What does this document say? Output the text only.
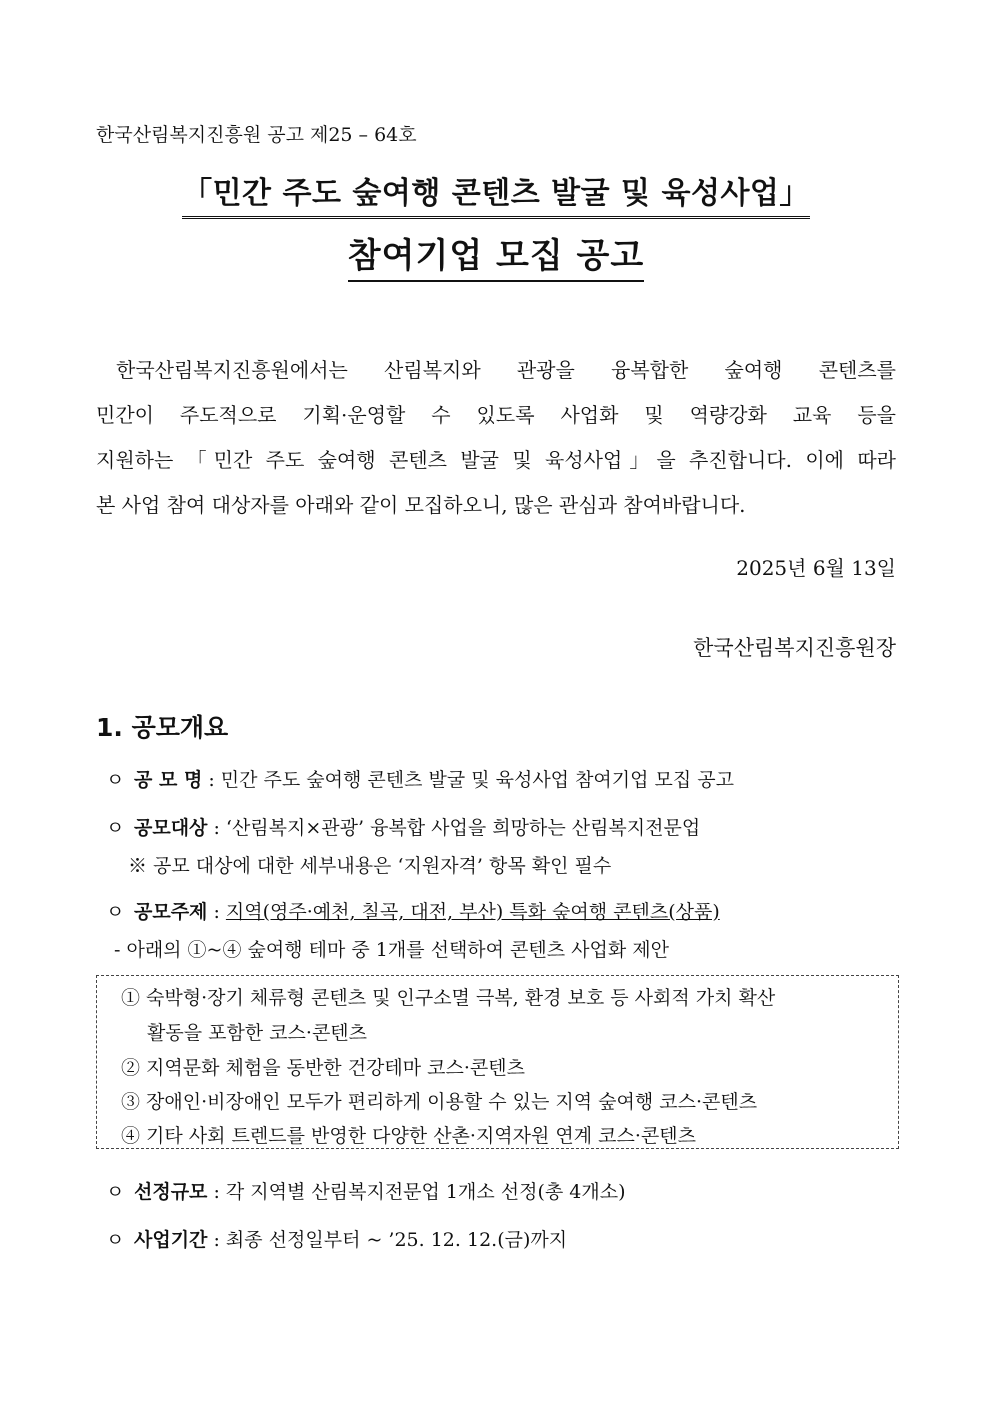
한국산림복지진흥원 공고 제25 – 64호
「민간 주도 숲여행 콘텐츠 발굴 및 육성사업」
참여기업 모집 공고
한국산림복지진흥원에서는 산림복지와 관광을 융복합한 숲여행 콘텐츠를
민간이 주도적으로 기획·운영할 수 있도록 사업화 및 역량강화 교육 등을
지원하는 「민간 주도 숲여행 콘텐츠 발굴 및 육성사업」을 추진합니다. 이에 따라
본 사업 참여 대상자를 아래와 같이 모집하오니, 많은 관심과 참여바랍니다.
2025년 6월 13일
한국산림복지진흥원장
1. 공모개요
ㅇ 공 모 명 : 민간 주도 숲여행 콘텐츠 발굴 및 육성사업 참여기업 모집 공고
ㅇ 공모대상 : ‘산림복지×관광’ 융복합 사업을 희망하는 산림복지전문업
※ 공모 대상에 대한 세부내용은 ‘지원자격’ 항목 확인 필수
ㅇ 공모주제 : 지역(영주·예천, 칠곡, 대전, 부산) 특화 숲여행 콘텐츠(상품)
- 아래의 ①~④ 숲여행 테마 중 1개를 선택하여 콘텐츠 사업화 제안
① 숙박형·장기 체류형 콘텐츠 및 인구소멸 극복, 환경 보호 등 사회적 가치 확산
활동을 포함한 코스·콘텐츠
② 지역문화 체험을 동반한 건강테마 코스·콘텐츠
③ 장애인·비장애인 모두가 편리하게 이용할 수 있는 지역 숲여행 코스·콘텐츠
④ 기타 사회 트렌드를 반영한 다양한 산촌·지역자원 연계 코스·콘텐츠
ㅇ 선정규모 : 각 지역별 산림복지전문업 1개소 선정(총 4개소)
ㅇ 사업기간 : 최종 선정일부터 ~ ’25. 12. 12.(금)까지
